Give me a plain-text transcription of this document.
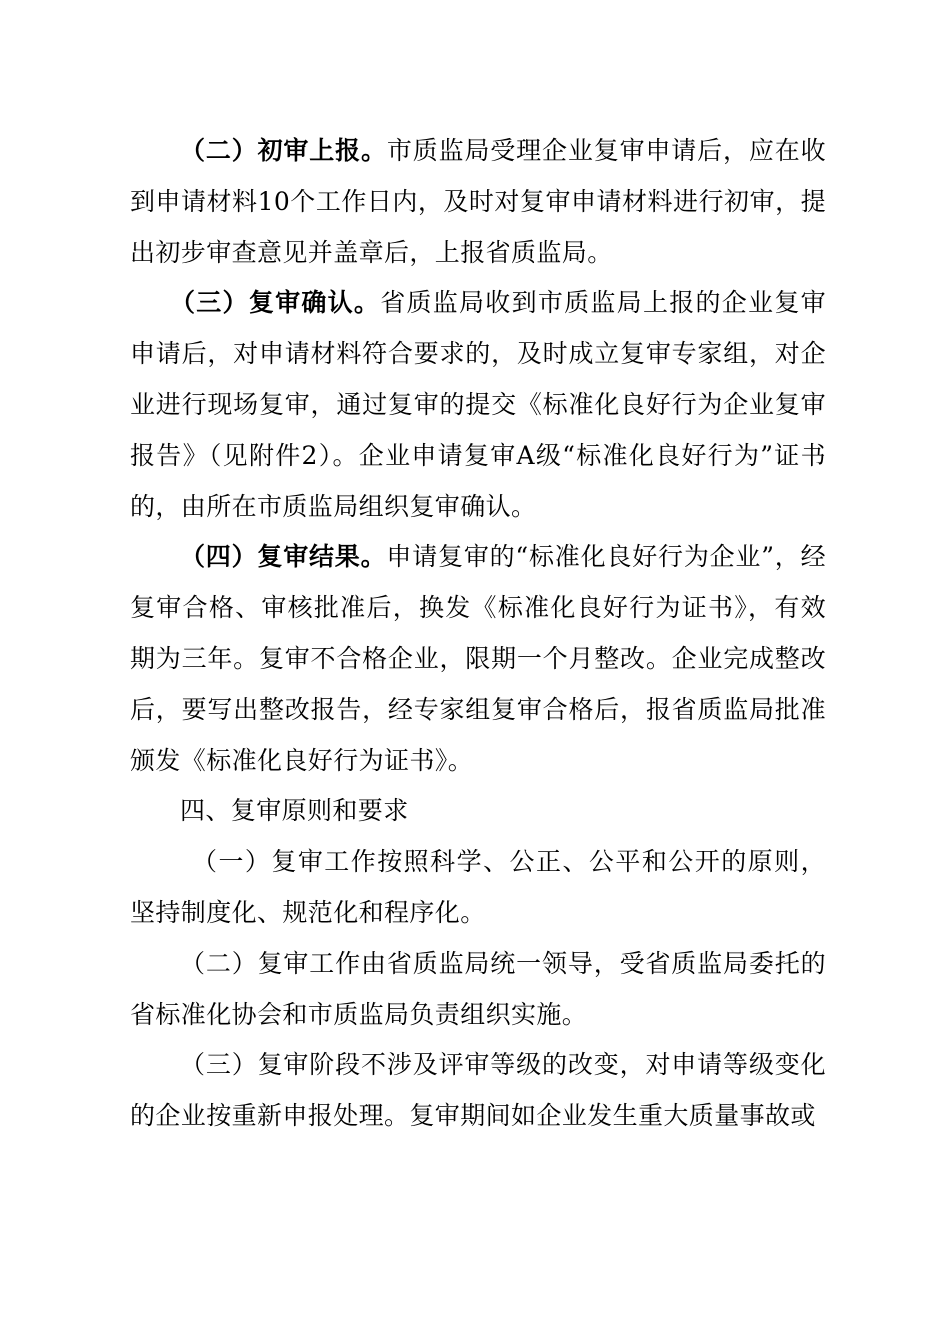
（二）初审上报。市质监局受理企业复审申请后，应在收到申请材料10个工作日内，及时对复审申请材料进行初审，提出初步审查意见并盖章后，上报省质监局。

（三）复审确认。省质监局收到市质监局上报的企业复审申请后，对申请材料符合要求的，及时成立复审专家组，对企业进行现场复审，通过复审的提交《标准化良好行为企业复审报告》（见附件2）。企业申请复审A级“标准化良好行为”证书的，由所在市质监局组织复审确认。

（四）复审结果。申请复审的“标准化良好行为企业”，经复审合格、审核批准后，换发《标准化良好行为证书》，有效期为三年。复审不合格企业，限期一个月整改。企业完成整改后，要写出整改报告，经专家组复审合格后，报省质监局批准颁发《标准化良好行为证书》。

四、复审原则和要求

（一）复审工作按照科学、公正、公平和公开的原则，坚持制度化、规范化和程序化。

（二）复审工作由省质监局统一领导，受省质监局委托的省标准化协会和市质监局负责组织实施。

（三）复审阶段不涉及评审等级的改变，对申请等级变化的企业按重新申报处理。复审期间如企业发生重大质量事故或
